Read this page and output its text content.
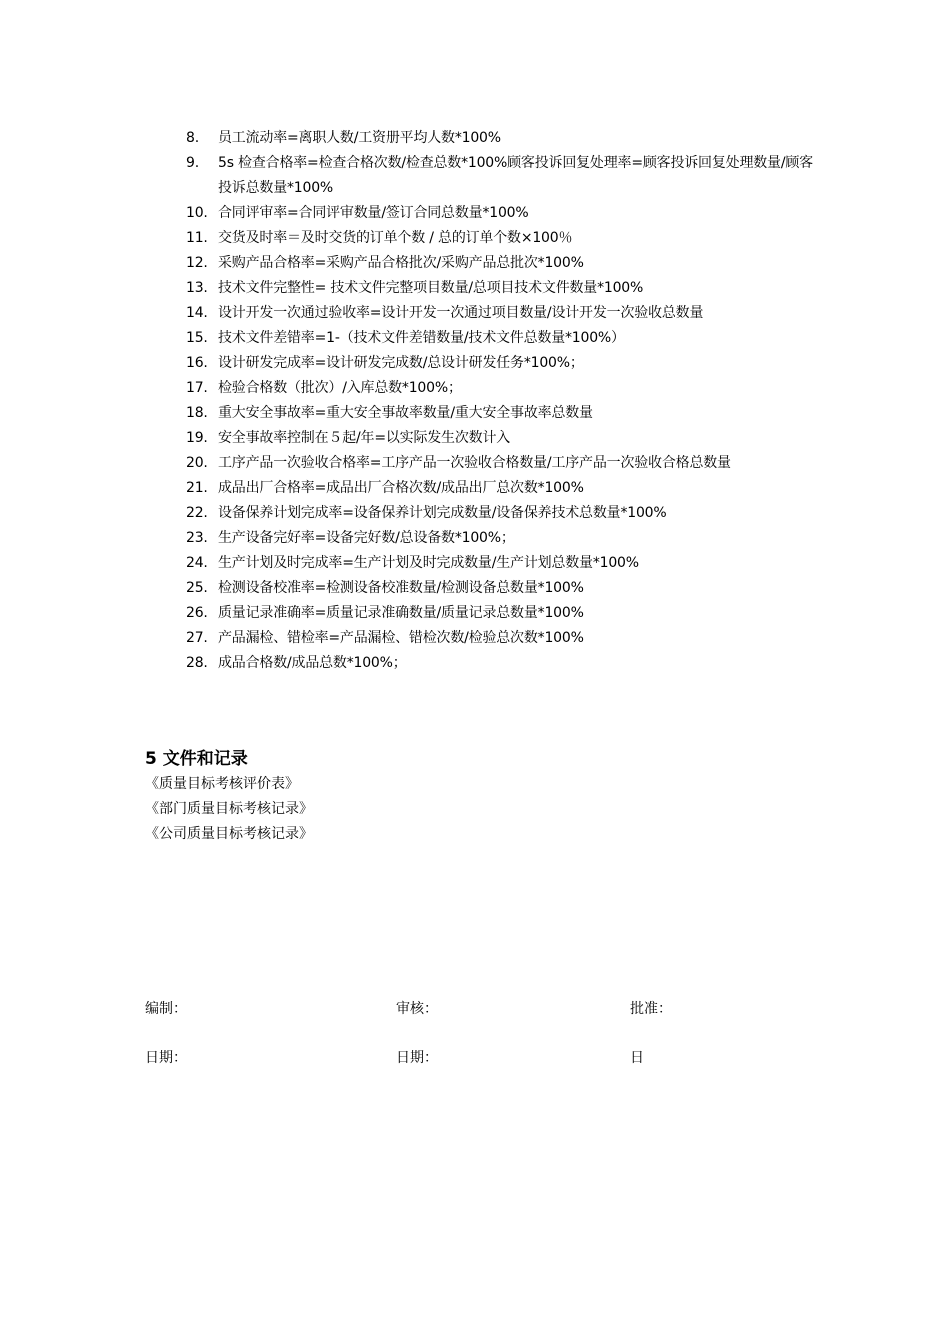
8.	员工流动率=离职人数/工资册平均人数*100%
9.	5s 检查合格率=检查合格次数/检查总数*100%顾客投诉回复处理率=顾客投诉回复处理数量/顾客投诉总数量*100%
10. 合同评审率=合同评审数量/签订合同总数量*100%
11. 交货及时率＝及时交货的订单个数 / 总的订单个数×100％
12. 采购产品合格率=采购产品合格批次/采购产品总批次*100%
13. 技术文件完整性= 技术文件完整项目数量/总项目技术文件数量*100%
14. 设计开发一次通过验收率=设计开发一次通过项目数量/设计开发一次验收总数量
15. 技术文件差错率=1-（技术文件差错数量/技术文件总数量*100%）
16. 设计研发完成率=设计研发完成数/总设计研发任务*100%；
17. 检验合格数（批次）/入库总数*100%；
18. 重大安全事故率=重大安全事故率数量/重大安全事故率总数量
19. 安全事故率控制在５起/年=以实际发生次数计入
20. 工序产品一次验收合格率=工序产品一次验收合格数量/工序产品一次验收合格总数量
21. 成品出厂合格率=成品出厂合格次数/成品出厂总次数*100%
22. 设备保养计划完成率=设备保养计划完成数量/设备保养技术总数量*100%
23. 生产设备完好率=设备完好数/总设备数*100%；
24. 生产计划及时完成率=生产计划及时完成数量/生产计划总数量*100%
25. 检测设备校准率=检测设备校准数量/检测设备总数量*100%
26. 质量记录准确率=质量记录准确数量/质量记录总数量*100%
27. 产品漏检、错检率=产品漏检、错检次数/检验总次数*100%
28. 成品合格数/成品总数*100%；
5 文件和记录
《质量目标考核评价表》
《部门质量目标考核记录》
《公司质量目标考核记录》
编制：	审核：	批准：
日期：	日期：	日
